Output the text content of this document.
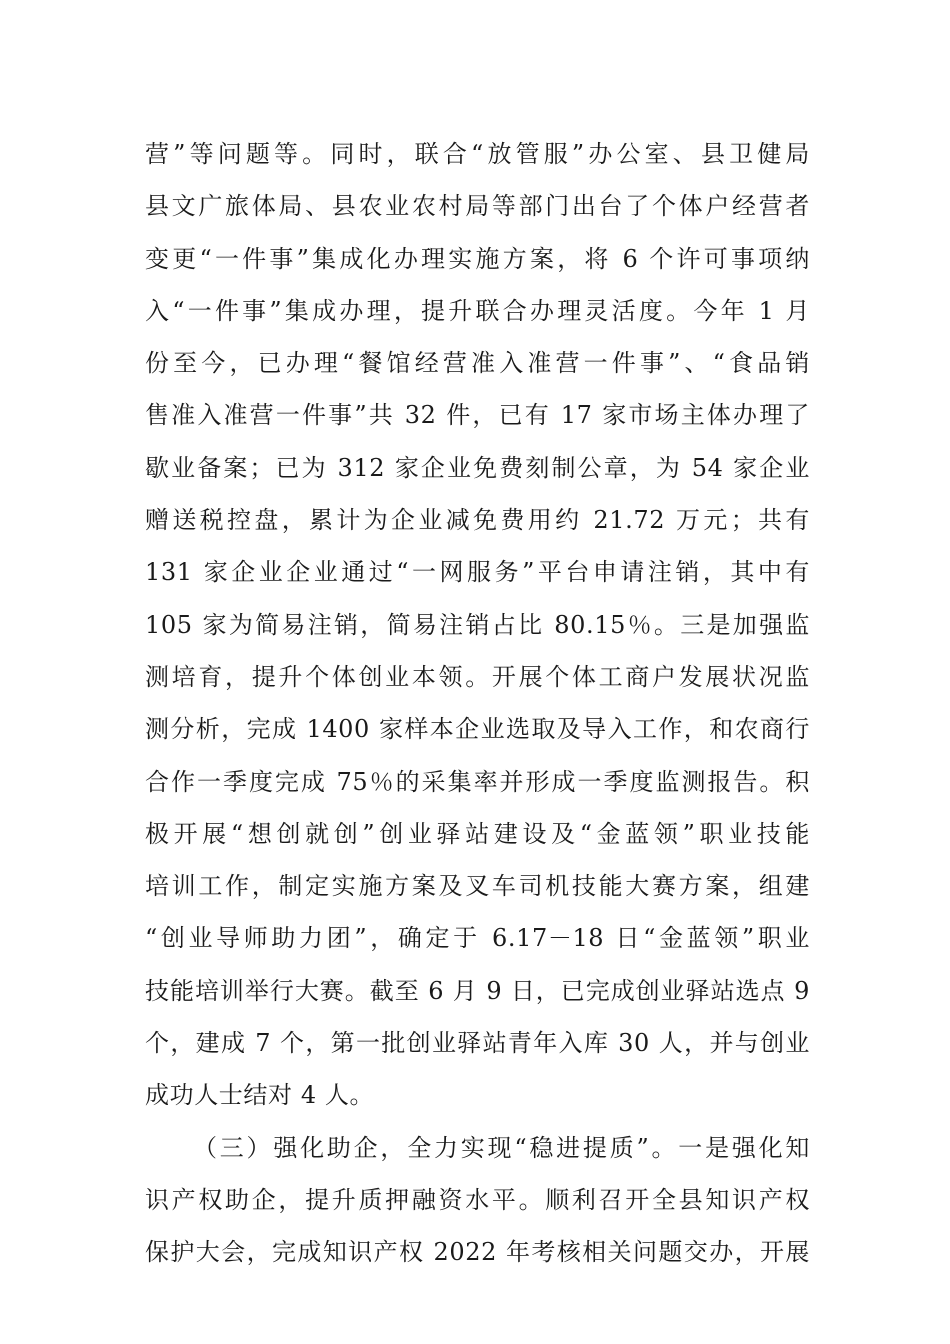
营”等问题等。同时，联合“放管服”办公室、县卫健局
县文广旅体局、县农业农村局等部门出台了个体户经营者
变更“一件事”集成化办理实施方案，将 6 个许可事项纳
入“一件事”集成办理，提升联合办理灵活度。今年 1 月
份至今，已办理“餐馆经营准入准营一件事”、“食品销
售准入准营一件事”共 32 件，已有 17 家市场主体办理了
歇业备案；已为 312 家企业免费刻制公章，为 54 家企业
赠送税控盘，累计为企业减免费用约 21.72 万元；共有
131 家企业企业通过“一网服务”平台申请注销，其中有
105 家为简易注销，简易注销占比 80.15％。三是加强监
测培育，提升个体创业本领。开展个体工商户发展状况监
测分析，完成 1400 家样本企业选取及导入工作，和农商行
合作一季度完成 75％的采集率并形成一季度监测报告。积
极开展“想创就创”创业驿站建设及“金蓝领”职业技能
培训工作，制定实施方案及叉车司机技能大赛方案，组建
“创业导师助力团”，确定于 6.17－18 日“金蓝领”职业
技能培训举行大赛。截至 6 月 9 日，已完成创业驿站选点 9
个，建成 7 个，第一批创业驿站青年入库 30 人，并与创业
成功人士结对 4 人。
（三）强化助企，全力实现“稳进提质”。一是强化知
识产权助企，提升质押融资水平。顺利召开全县知识产权
保护大会，完成知识产权 2022 年考核相关问题交办，开展
